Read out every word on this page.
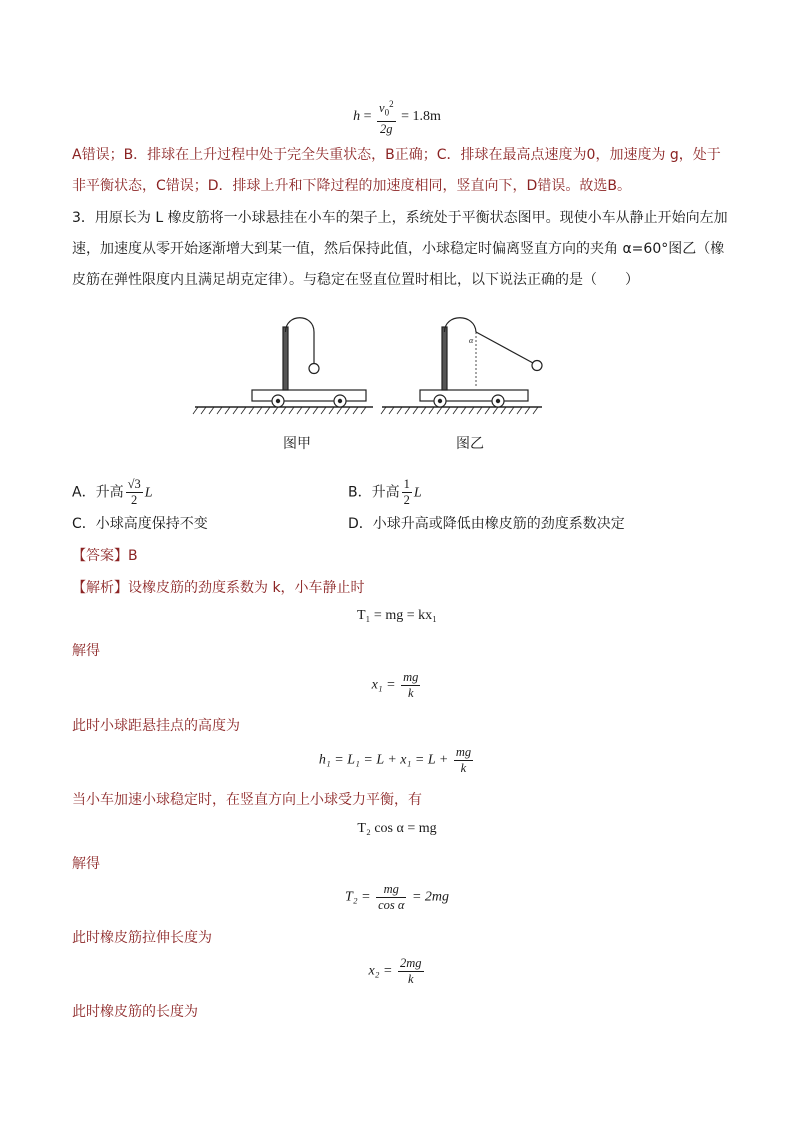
$h = \frac{v_0^2}{2g} = 1.8m$
A错误；B．排球在上升过程中处于完全失重状态，B正确；C．排球在最高点速度为0，加速度为 g，处于
非平衡状态，C错误；D．排球上升和下降过程的加速度相同，竖直向下，D错误。故选B。
3．用原长为 L 橡皮筋将一小球悬挂在小车的架子上，系统处于平衡状态图甲。现使小车从静止开始向左加
速，加速度从零开始逐渐增大到某一值，然后保持此值，小球稳定时偏离竖直方向的夹角 α=60°图乙（橡
皮筋在弹性限度内且满足胡克定律）。与稳定在竖直位置时相比，以下说法正确的是（　　）
α
图甲	图乙
A．升高 $\frac{√3}{2}$ L	B．升高 $\frac{1}{2}$ L
C．小球高度保持不变	D．小球升高或降低由橡皮筋的劲度系数决定
【答案】B
【解析】设橡皮筋的劲度系数为 k，小车静止时
T₁ = mg = kx₁
解得
$x_1 = \frac{mg}{k}$
此时小球距悬挂点的高度为
$h_1 = L_1 = L + x_1 = L + \frac{mg}{k}$
当小车加速小球稳定时，在竖直方向上小球受力平衡，有
T₂ cos α = mg
解得
$T_2 = \frac{mg}{\text{cos α}} = 2mg$
此时橡皮筋拉伸长度为
$x_2 = \frac{2mg}{k}$
此时橡皮筋的长度为
